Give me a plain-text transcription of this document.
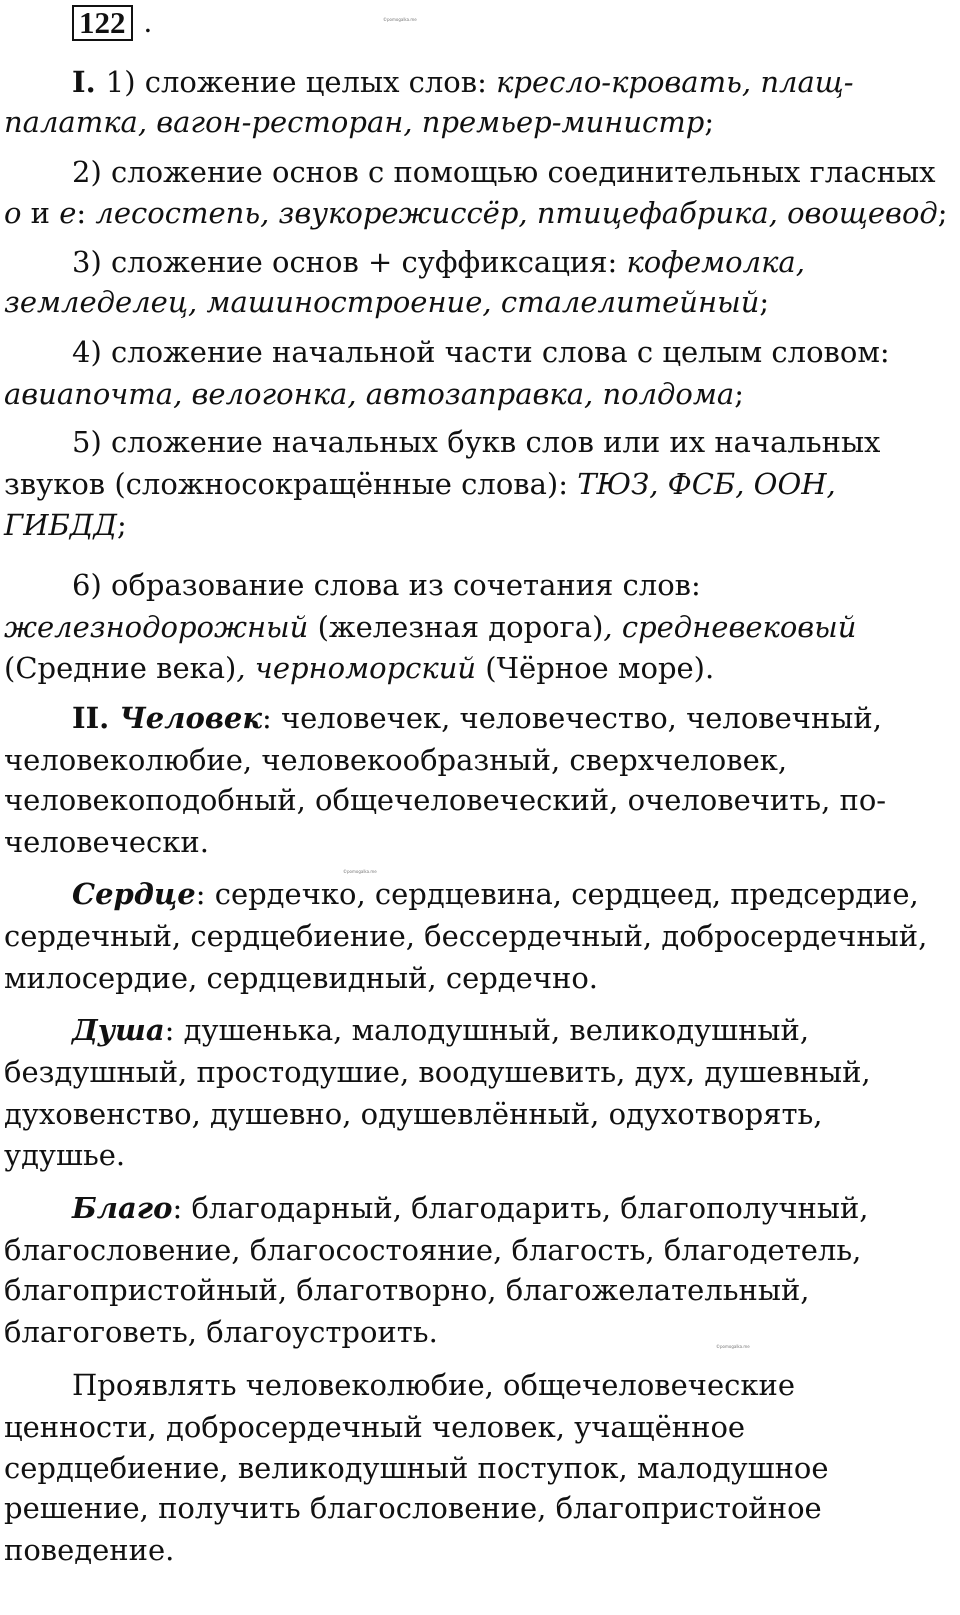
122 .	©pomogalka.me
©pomogalka.me
©pomogalka.me
I. 1) сложение целых слов: кресло-кровать, плащ-
палатка, вагон-ресторан, премьер-министр;
2) сложение основ с помощью соединительных гласных
о и е: лесостепь, звукорежиссёр, птицефабрика, овощевод;
3) сложение основ + суффиксация: кофемолка,
земледелец, машиностроение, сталелитейный;
4) сложение начальной части слова с целым словом:
авиапочта, велогонка, автозаправка, полдома;
5) сложение начальных букв слов или их начальных
звуков (сложносокращённые слова): ТЮЗ, ФСБ, ООН,
ГИБДД;
6) образование слова из сочетания слов:
железнодорожный (железная дорога), средневековый
(Средние века), черноморский (Чёрное море).
II. Человек: человечек, человечество, человечный,
человеколюбие, человекообразный, сверхчеловек,
человекоподобный, общечеловеческий, очеловечить, по-
человечески.
Сердце: сердечко, сердцевина, сердцеед, предсердие,
сердечный, сердцебиение, бессердечный, добросердечный,
милосердие, сердцевидный, сердечно.
Душа: душенька, малодушный, великодушный,
бездушный, простодушие, воодушевить, дух, душевный,
духовенство, душевно, одушевлённый, одухотворять,
удушье.
Благо: благодарный, благодарить, благополучный,
благословение, благосостояние, благость, благодетель,
благопристойный, благотворно, благожелательный,
благоговеть, благоустроить.
Проявлять человеколюбие, общечеловеческие
ценности, добросердечный человек, учащённое
сердцебиение, великодушный поступок, малодушное
решение, получить благословение, благопристойное
поведение.
